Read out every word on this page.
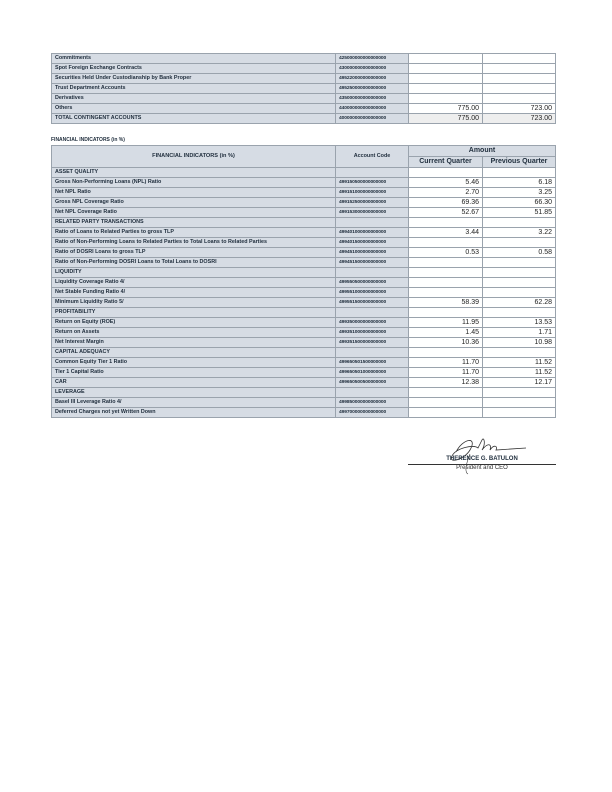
Commitments	425000000000000000		
Spot Foreign Exchange Contracts	430000000000000000		
Securities Held Under Custodianship by Bank Proper	495220000000000000		
Trust Department Accounts	495250000000000000		
Derivatives	435000000000000000		
Others	440000000000000000	775.00	723.00
TOTAL CONTINGENT ACCOUNTS	400000000000000000	775.00	723.00
FINANCIAL INDICATORS (in %)
FINANCIAL INDICATORS (in %)	Account Code	Amount	
		Current Quarter	Previous Quarter
ASSET QUALITY			
Gross Non-Performing Loans (NPL) Ratio	499150500000000000	5.46	6.18
Net NPL Ratio	499151000000000000	2.70	3.25
Gross NPL Coverage Ratio	499152500000000000	69.36	66.30
Net NPL Coverage Ratio	499153000000000000	52.67	51.85
RELATED PARTY TRANSACTIONS			
Ratio of Loans to Related Parties to gross TLP	499401000000000000	3.44	3.22
Ratio of Non-Performing Loans to Related Parties to Total Loans to Related Parties	499401500000000000		
Ratio of DOSRI Loans to gross TLP	499451000000000000	0.53	0.58
Ratio of Non-Performing DOSRI Loans to Total Loans to DOSRI	499451500000000000		
LIQUIDITY			
Liquidity Coverage Ratio 4/	499550500000000000		
Net Stable Funding Ratio 4/	499551000000000000		
Minimum Liquidity Ratio 5/	499551500000000000	58.39	62.28
PROFITABILITY			
Return on Equity (ROE)	499350000000000000	11.95	13.53
Return on Assets	499351000000000000	1.45	1.71
Net Interest Margin	499351500000000000	10.36	10.98
CAPITAL ADEQUACY			
Common Equity Tier 1 Ratio	499650501500000000	11.70	11.52
Tier 1 Capital Ratio	499650501000000000	11.70	11.52
CAR	499650500500000000	12.38	12.17
LEVERAGE			
Basel III Leverage Ratio 4/	499850000000000000		
Deferred Charges not yet Written Down	499700000000000000		
THERENCE G. BATULON
President and CEO
